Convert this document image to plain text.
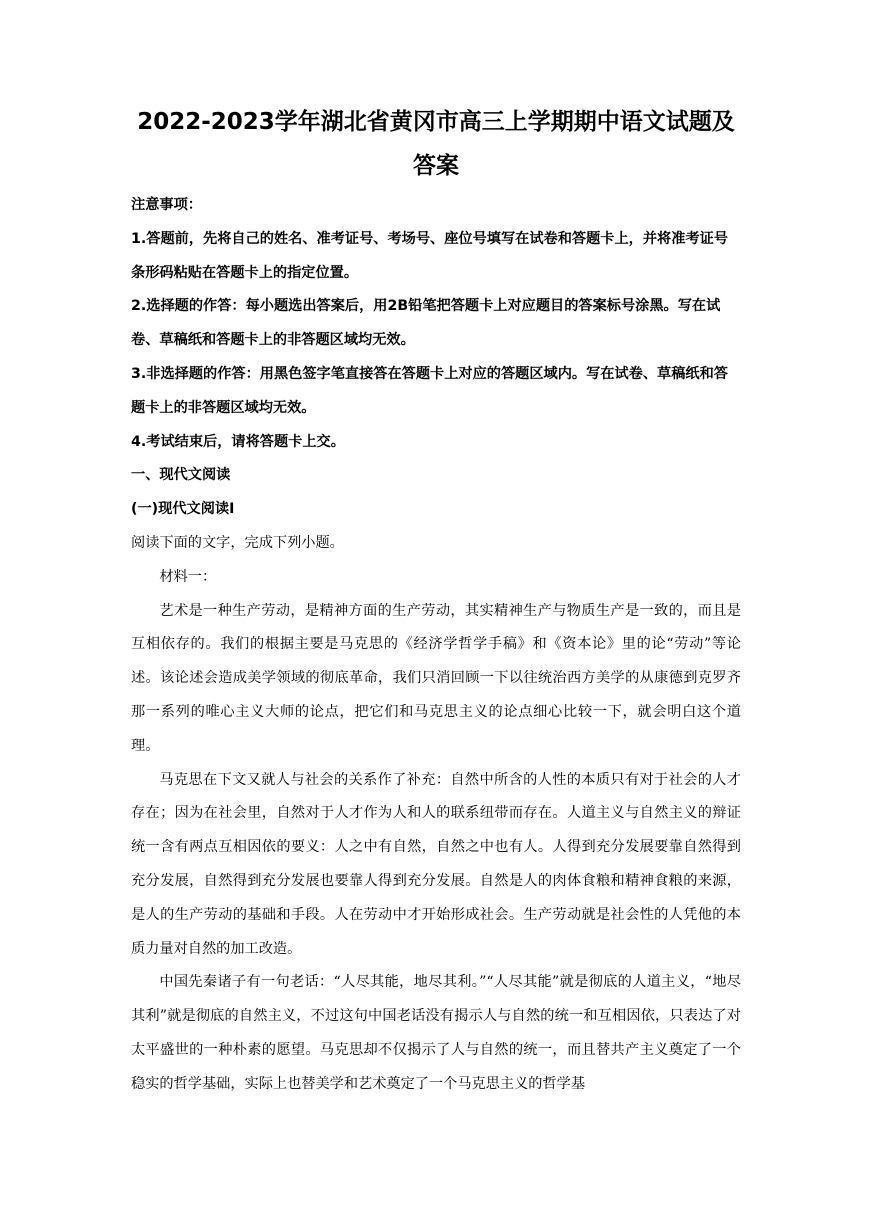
2022-2023学年湖北省黄冈市高三上学期期中语文试题及答案

注意事项：

1.答题前，先将自己的姓名、准考证号、考场号、座位号填写在试卷和答题卡上，并将准考证号条形码粘贴在答题卡上的指定位置。

2.选择题的作答：每小题选出答案后，用2B铅笔把答题卡上对应题目的答案标号涂黑。写在试卷、草稿纸和答题卡上的非答题区域均无效。

3.非选择题的作答：用黑色签字笔直接答在答题卡上对应的答题区域内。写在试卷、草稿纸和答题卡上的非答题区域均无效。

4.考试结束后，请将答题卡上交。

一、现代文阅读

(一)现代文阅读Ⅰ

阅读下面的文字，完成下列小题。

材料一：

艺术是一种生产劳动，是精神方面的生产劳动，其实精神生产与物质生产是一致的，而且是互相依存的。我们的根据主要是马克思的《经济学哲学手稿》和《资本论》里的论“劳动”等论述。该论述会造成美学领域的彻底革命，我们只消回顾一下以往统治西方美学的从康德到克罗齐那一系列的唯心主义大师的论点，把它们和马克思主义的论点细心比较一下，就会明白这个道理。

马克思在下文又就人与社会的关系作了补充：自然中所含的人性的本质只有对于社会的人才存在；因为在社会里，自然对于人才作为人和人的联系纽带而存在。人道主义与自然主义的辩证统一含有两点互相因依的要义：人之中有自然，自然之中也有人。人得到充分发展要靠自然得到充分发展，自然得到充分发展也要靠人得到充分发展。自然是人的肉体食粮和精神食粮的来源，是人的生产劳动的基础和手段。人在劳动中才开始形成社会。生产劳动就是社会性的人凭他的本质力量对自然的加工改造。

中国先秦诸子有一句老话：“人尽其能，地尽其利。”“人尽其能”就是彻底的人道主义，“地尽其利”就是彻底的自然主义，不过这句中国老话没有揭示人与自然的统一和互相因依，只表达了对太平盛世的一种朴素的愿望。马克思却不仅揭示了人与自然的统一，而且替共产主义奠定了一个稳实的哲学基础，实际上也替美学和艺术奠定了一个马克思主义的哲学基
